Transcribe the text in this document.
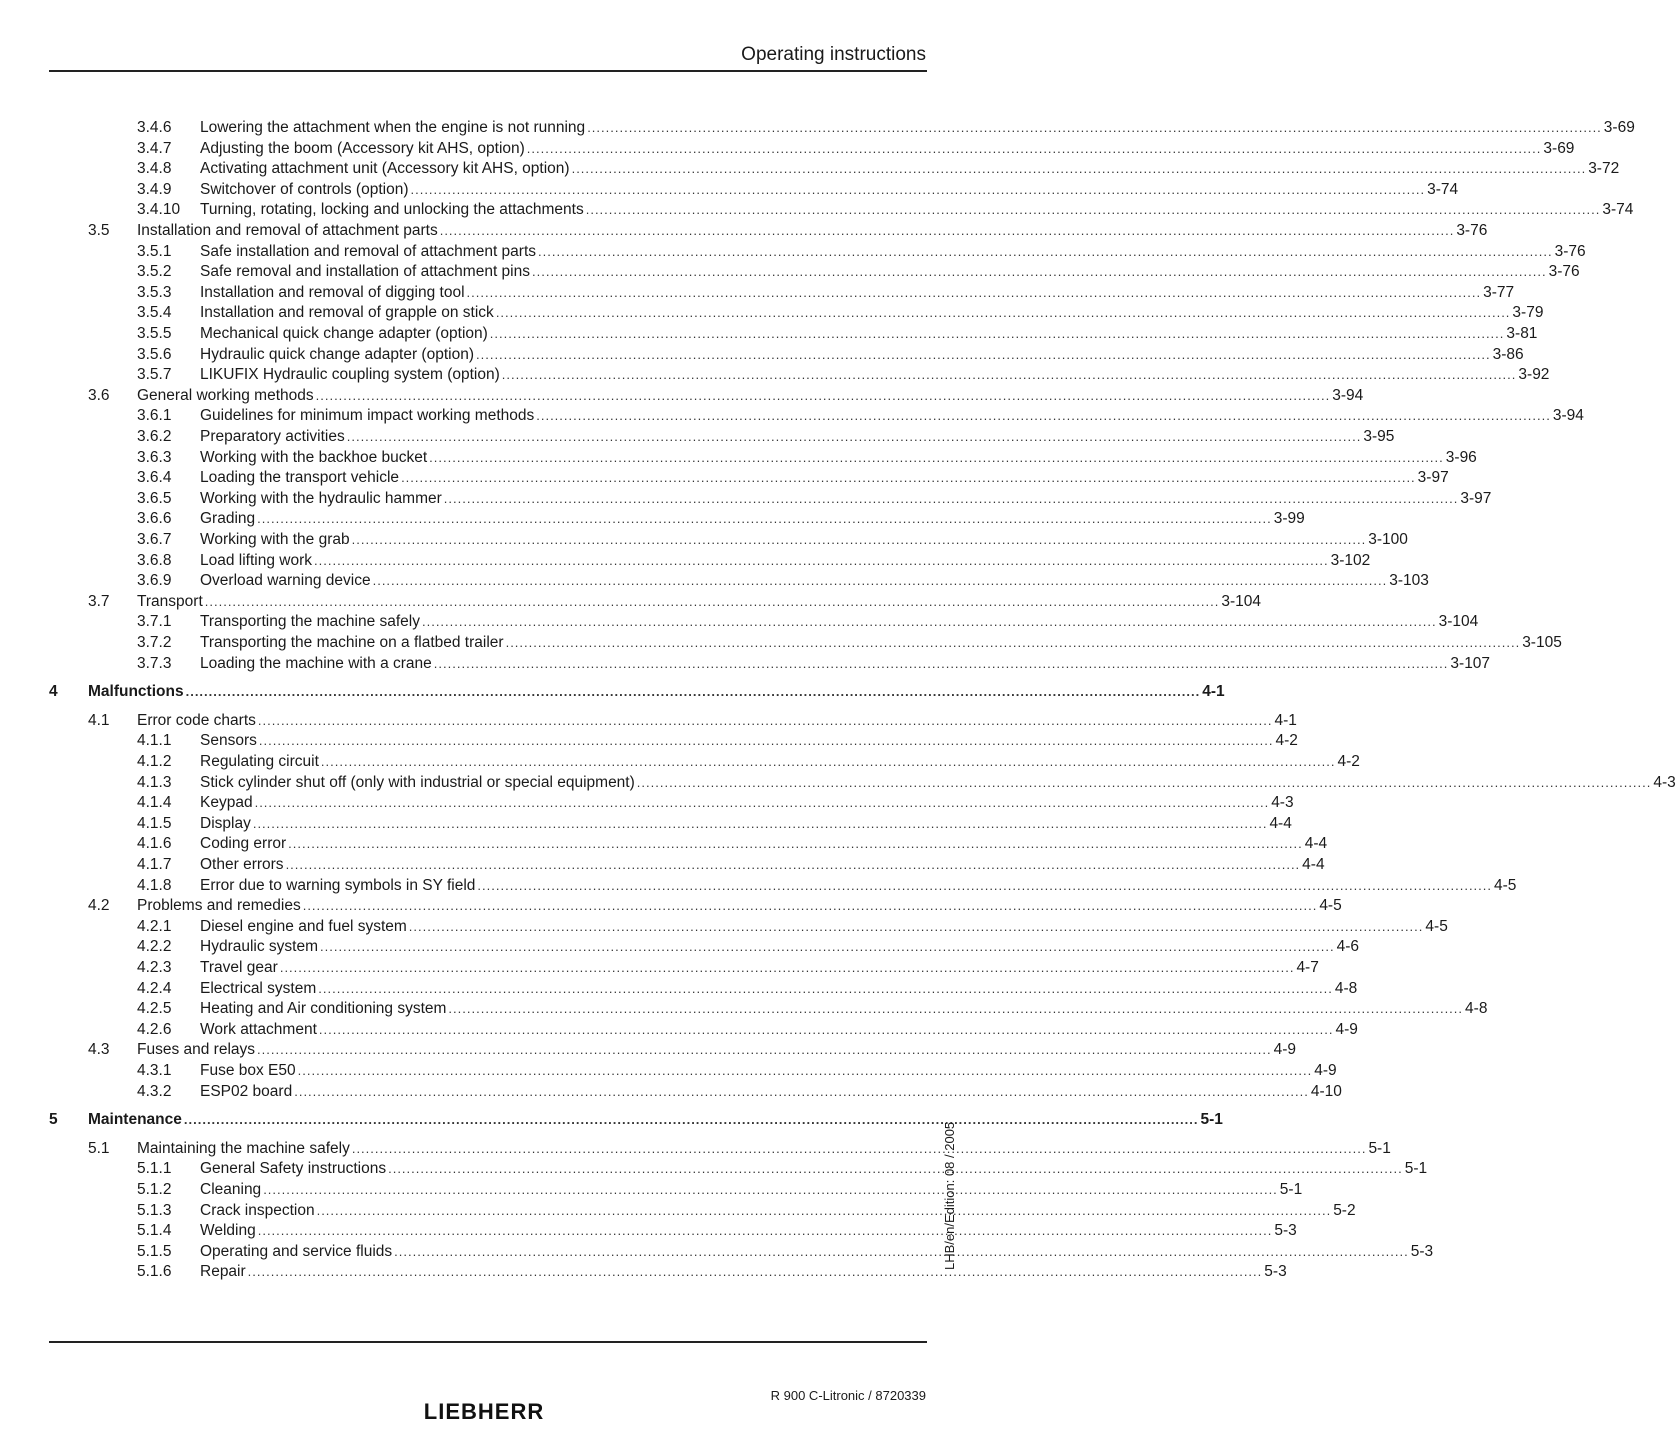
Operating instructions
3.4.6 Lowering the attachment when the engine is not running ............................................................................................................................................................................................................................ 3-69
3.4.7 Adjusting the boom (Accessory kit AHS, option) ............................................................................................................................................................................................................................ 3-69
3.4.8 Activating attachment unit (Accessory kit AHS, option) ............................................................................................................................................................................................................................ 3-72
3.4.9 Switchover of controls (option) ............................................................................................................................................................................................................................ 3-74
3.4.10 Turning, rotating, locking and unlocking the attachments ............................................................................................................................................................................................................................ 3-74
3.5 Installation and removal of attachment parts ............................................................................................................................................................................................................................ 3-76
3.5.1 Safe installation and removal of attachment parts ............................................................................................................................................................................................................................ 3-76
3.5.2 Safe removal and installation of attachment pins ............................................................................................................................................................................................................................ 3-76
3.5.3 Installation and removal of digging tool ............................................................................................................................................................................................................................ 3-77
3.5.4 Installation and removal of grapple on stick ............................................................................................................................................................................................................................ 3-79
3.5.5 Mechanical quick change adapter (option) ............................................................................................................................................................................................................................ 3-81
3.5.6 Hydraulic quick change adapter (option) ............................................................................................................................................................................................................................ 3-86
3.5.7 LIKUFIX Hydraulic coupling system (option) ............................................................................................................................................................................................................................ 3-92
3.6 General working methods ............................................................................................................................................................................................................................ 3-94
3.6.1 Guidelines for minimum impact working methods ............................................................................................................................................................................................................................ 3-94
3.6.2 Preparatory activities ............................................................................................................................................................................................................................ 3-95
3.6.3 Working with the backhoe bucket ............................................................................................................................................................................................................................ 3-96
3.6.4 Loading the transport vehicle ............................................................................................................................................................................................................................ 3-97
3.6.5 Working with the hydraulic hammer ............................................................................................................................................................................................................................ 3-97
3.6.6 Grading ............................................................................................................................................................................................................................ 3-99
3.6.7 Working with the grab ............................................................................................................................................................................................................................ 3-100
3.6.8 Load lifting work ............................................................................................................................................................................................................................ 3-102
3.6.9 Overload warning device ............................................................................................................................................................................................................................ 3-103
3.7 Transport ............................................................................................................................................................................................................................ 3-104
3.7.1 Transporting the machine safely ............................................................................................................................................................................................................................ 3-104
3.7.2 Transporting the machine on a flatbed trailer ............................................................................................................................................................................................................................ 3-105
3.7.3 Loading the machine with a crane ............................................................................................................................................................................................................................ 3-107
4 Malfunctions ............................................................................................................................................................................................................................ 4-1
4.1 Error code charts ............................................................................................................................................................................................................................ 4-1
4.1.1 Sensors ............................................................................................................................................................................................................................ 4-2
4.1.2 Regulating circuit ............................................................................................................................................................................................................................ 4-2
4.1.3 Stick cylinder shut off (only with industrial or special equipment) ............................................................................................................................................................................................................................ 4-3
4.1.4 Keypad ............................................................................................................................................................................................................................ 4-3
4.1.5 Display ............................................................................................................................................................................................................................ 4-4
4.1.6 Coding error ............................................................................................................................................................................................................................ 4-4
4.1.7 Other errors ............................................................................................................................................................................................................................ 4-4
4.1.8 Error due to warning symbols in SY field ............................................................................................................................................................................................................................ 4-5
4.2 Problems and remedies ............................................................................................................................................................................................................................ 4-5
4.2.1 Diesel engine and fuel system ............................................................................................................................................................................................................................ 4-5
4.2.2 Hydraulic system ............................................................................................................................................................................................................................ 4-6
4.2.3 Travel gear ............................................................................................................................................................................................................................ 4-7
4.2.4 Electrical system ............................................................................................................................................................................................................................ 4-8
4.2.5 Heating and Air conditioning system ............................................................................................................................................................................................................................ 4-8
4.2.6 Work attachment ............................................................................................................................................................................................................................ 4-9
4.3 Fuses and relays ............................................................................................................................................................................................................................ 4-9
4.3.1 Fuse box E50 ............................................................................................................................................................................................................................ 4-9
4.3.2 ESP02 board ............................................................................................................................................................................................................................ 4-10
5 Maintenance ............................................................................................................................................................................................................................ 5-1
5.1 Maintaining the machine safely ............................................................................................................................................................................................................................ 5-1
5.1.1 General Safety instructions ............................................................................................................................................................................................................................ 5-1
5.1.2 Cleaning ............................................................................................................................................................................................................................ 5-1
5.1.3 Crack inspection ............................................................................................................................................................................................................................ 5-2
5.1.4 Welding ............................................................................................................................................................................................................................ 5-3
5.1.5 Operating and service fluids ............................................................................................................................................................................................................................ 5-3
5.1.6 Repair ............................................................................................................................................................................................................................ 5-3
LHB/en/Edition: 08 / 2005
R 900 C-Litronic / 8720339
LIEBHERR
